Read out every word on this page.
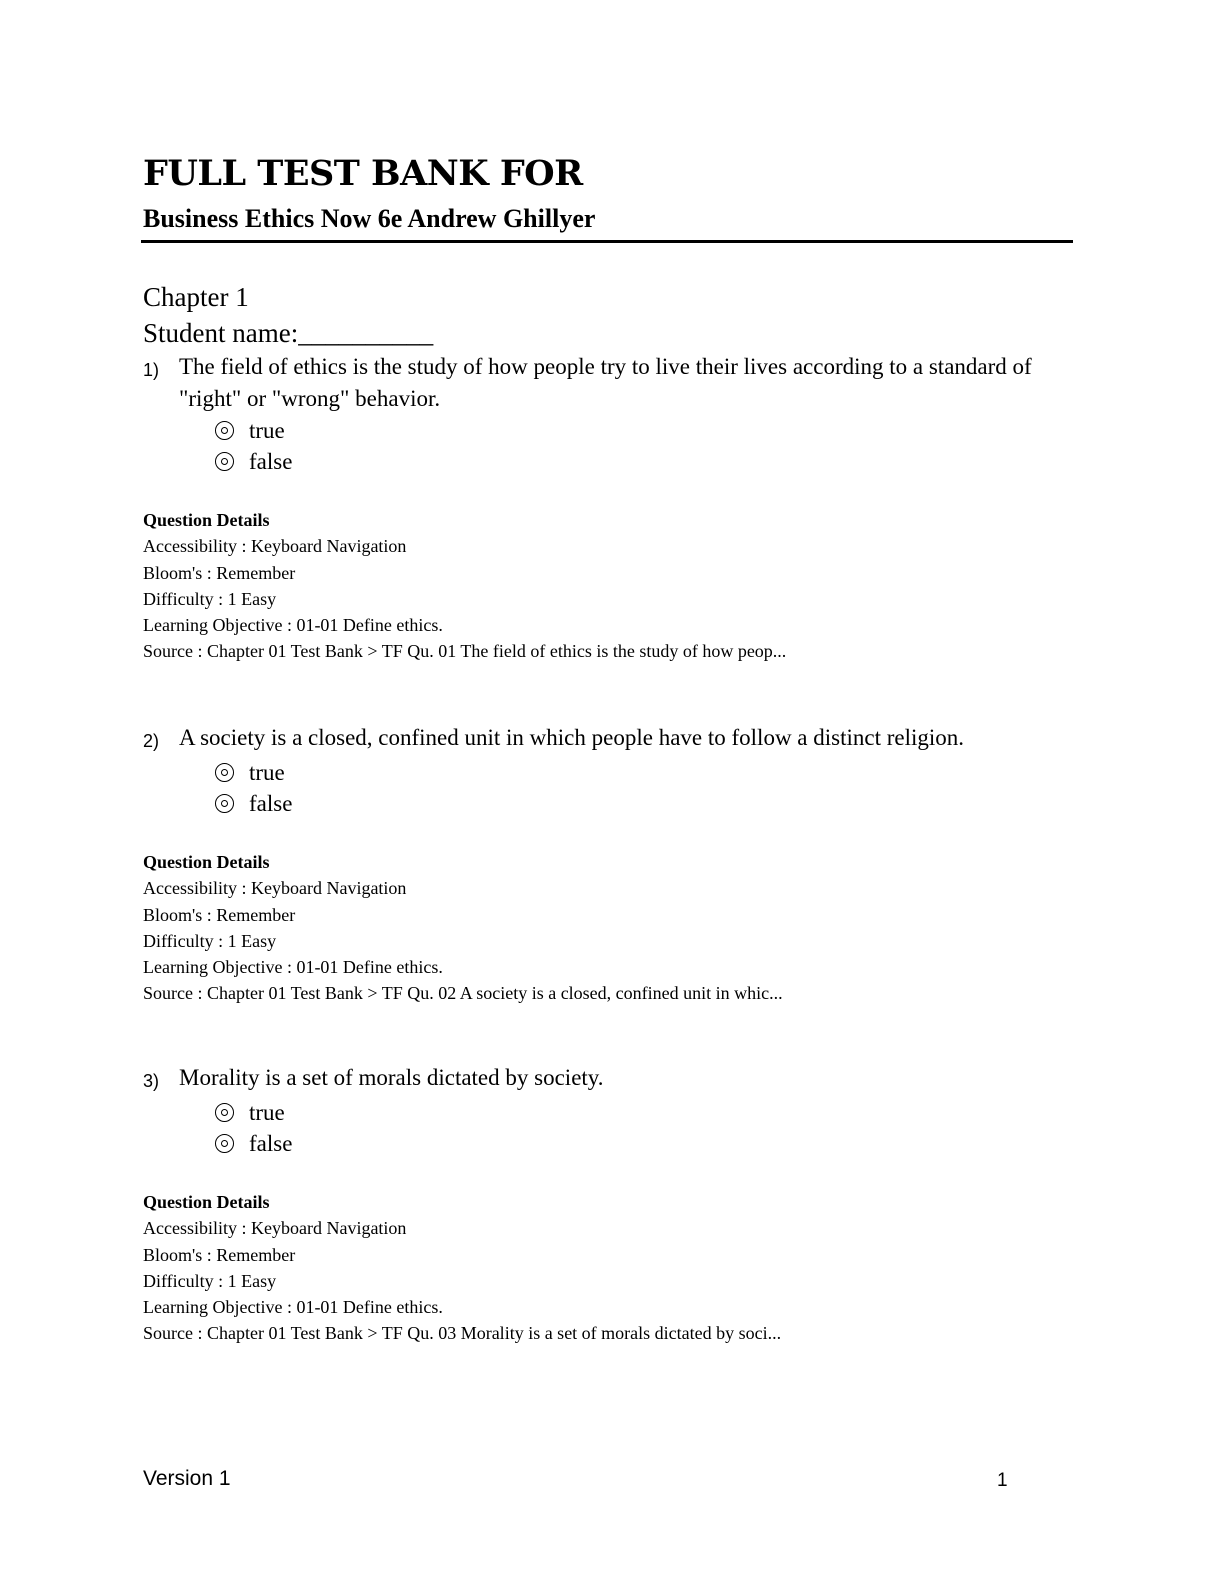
FULL TEST BANK FOR
Business Ethics Now 6e Andrew Ghillyer
Chapter 1
Student name:__________
1) The field of ethics is the study of how people try to live their lives according to a standard of "right" or "wrong" behavior.
true
false
Question Details
Accessibility : Keyboard Navigation
Bloom's : Remember
Difficulty : 1 Easy
Learning Objective : 01-01 Define ethics.
Source : Chapter 01 Test Bank > TF Qu. 01 The field of ethics is the study of how peop...
2) A society is a closed, confined unit in which people have to follow a distinct religion.
true
false
Question Details
Accessibility : Keyboard Navigation
Bloom's : Remember
Difficulty : 1 Easy
Learning Objective : 01-01 Define ethics.
Source : Chapter 01 Test Bank > TF Qu. 02 A society is a closed, confined unit in whic...
3) Morality is a set of morals dictated by society.
true
false
Question Details
Accessibility : Keyboard Navigation
Bloom's : Remember
Difficulty : 1 Easy
Learning Objective : 01-01 Define ethics.
Source : Chapter 01 Test Bank > TF Qu. 03 Morality is a set of morals dictated by soci...
Version 1	1
